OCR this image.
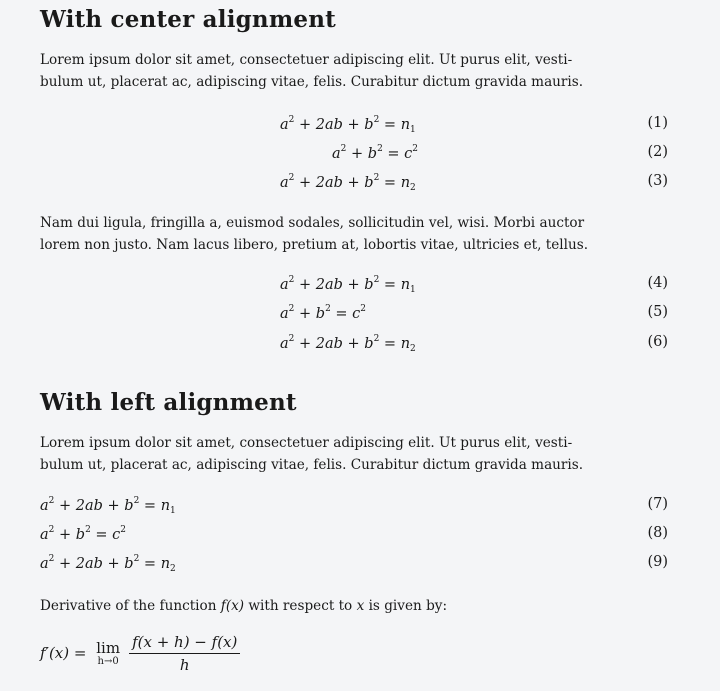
With center alignment

Lorem ipsum dolor sit amet, consectetuer adipiscing elit. Ut purus elit, vesti-
bulum ut, placerat ac, adipiscing vitae, felis. Curabitur dictum gravida mauris.

$a^2 + 2ab + b^2 = n_1$	(1)
$a^2 + b^2 = c^2$	(2)
$a^2 + 2ab + b^2 = n_2$	(3)

Nam dui ligula, fringilla a, euismod sodales, sollicitudin vel, wisi. Morbi auctor
lorem non justo. Nam lacus libero, pretium at, lobortis vitae, ultricies et, tellus.

$a^2 + 2ab + b^2 = n_1$	(4)
$a^2 + b^2 = c^2$	(5)
$a^2 + 2ab + b^2 = n_2$	(6)
With left alignment

Lorem ipsum dolor sit amet, consectetuer adipiscing elit. Ut purus elit, vesti-
bulum ut, placerat ac, adipiscing vitae, felis. Curabitur dictum gravida mauris.

$a^2 + 2ab + b^2 = n_1$	(7)
$a^2 + b^2 = c^2$	(8)
$a^2 + 2ab + b^2 = n_2$	(9)

Derivative of the function f(x) with respect to x is given by:

f′(x) = lim
$h\to 0 \frac{f(x + h) - f(x)}{h}$
